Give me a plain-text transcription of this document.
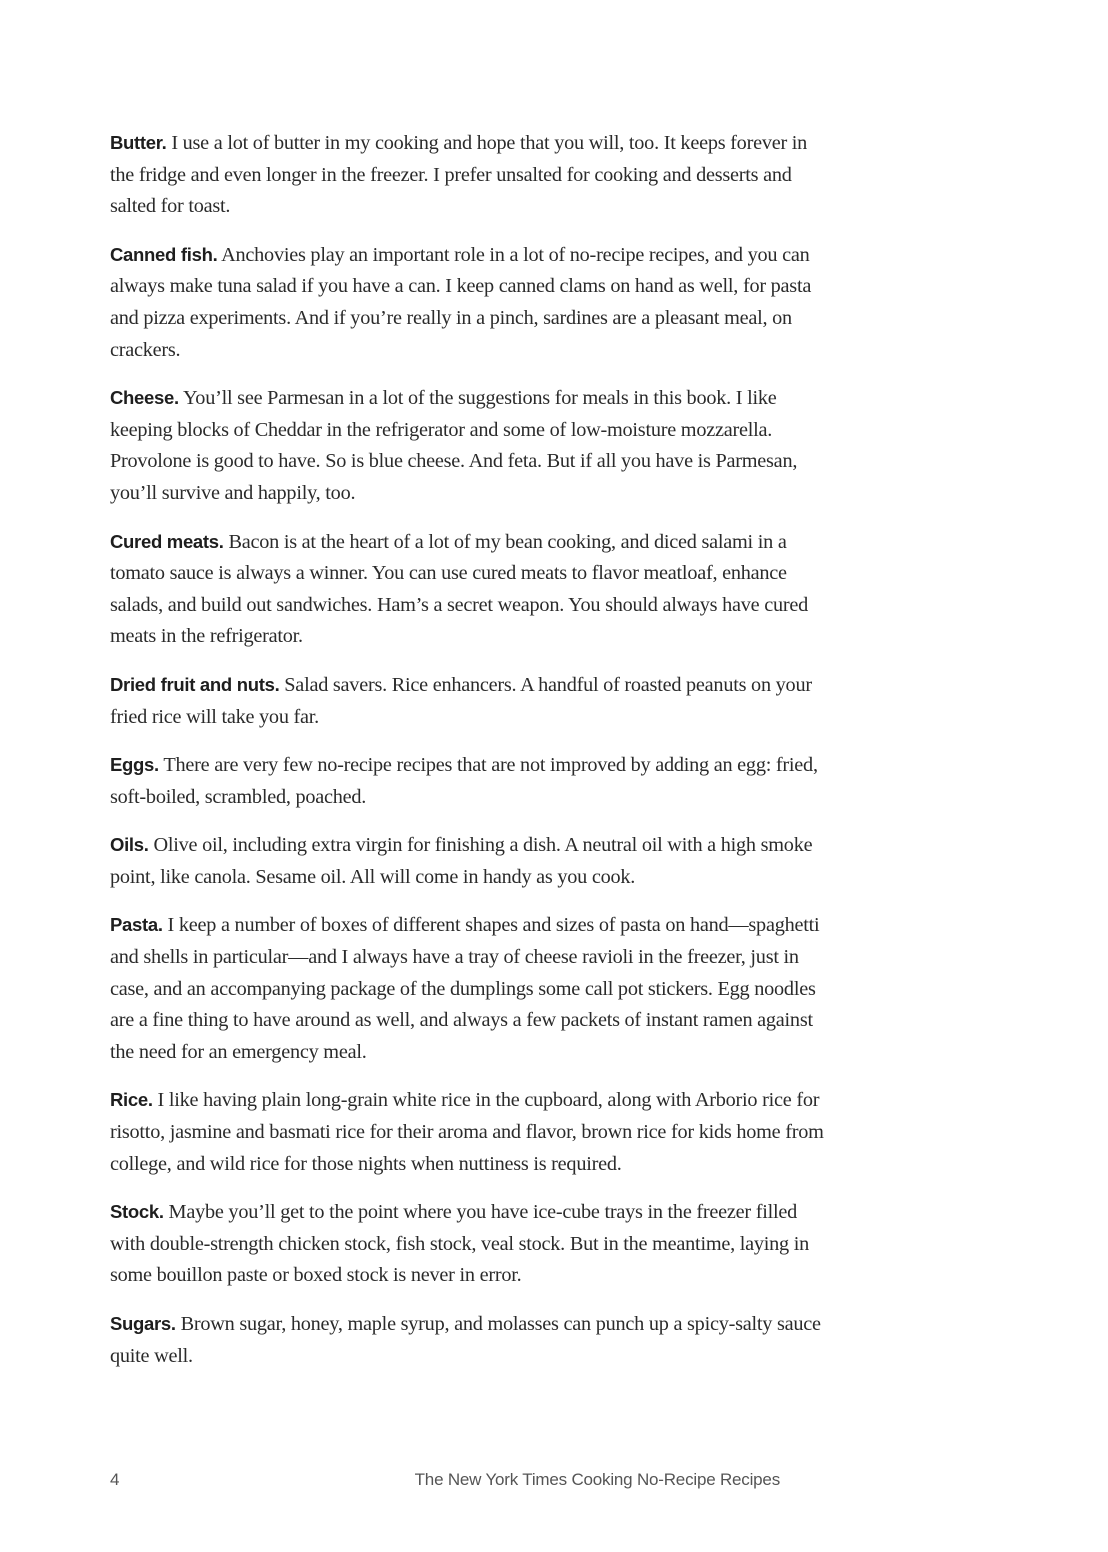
Butter. I use a lot of butter in my cooking and hope that you will, too. It keeps forever in the fridge and even longer in the freezer. I prefer unsalted for cooking and desserts and salted for toast.

Canned fish. Anchovies play an important role in a lot of no-recipe recipes, and you can always make tuna salad if you have a can. I keep canned clams on hand as well, for pasta and pizza experiments. And if you’re really in a pinch, sardines are a pleasant meal, on crackers.

Cheese. You’ll see Parmesan in a lot of the suggestions for meals in this book. I like keeping blocks of Cheddar in the refrigerator and some of low-moisture mozzarella. Provolone is good to have. So is blue cheese. And feta. But if all you have is Parmesan, you’ll survive and happily, too.

Cured meats. Bacon is at the heart of a lot of my bean cooking, and diced salami in a tomato sauce is always a winner. You can use cured meats to flavor meatloaf, enhance salads, and build out sandwiches. Ham’s a secret weapon. You should always have cured meats in the refrigerator.

Dried fruit and nuts. Salad savers. Rice enhancers. A handful of roasted peanuts on your fried rice will take you far.

Eggs. There are very few no-recipe recipes that are not improved by adding an egg: fried, soft-boiled, scrambled, poached.

Oils. Olive oil, including extra virgin for finishing a dish. A neutral oil with a high smoke point, like canola. Sesame oil. All will come in handy as you cook.

Pasta. I keep a number of boxes of different shapes and sizes of pasta on hand—spaghetti and shells in particular—and I always have a tray of cheese ravioli in the freezer, just in case, and an accompanying package of the dumplings some call pot stickers. Egg noodles are a fine thing to have around as well, and always a few packets of instant ramen against the need for an emergency meal.

Rice. I like having plain long-grain white rice in the cupboard, along with Arborio rice for risotto, jasmine and basmati rice for their aroma and flavor, brown rice for kids home from college, and wild rice for those nights when nuttiness is required.

Stock. Maybe you’ll get to the point where you have ice-cube trays in the freezer filled with double-strength chicken stock, fish stock, veal stock. But in the meantime, laying in some bouillon paste or boxed stock is never in error.

Sugars. Brown sugar, honey, maple syrup, and molasses can punch up a spicy-salty sauce quite well.

4	The New York Times Cooking No-Recipe Recipes
